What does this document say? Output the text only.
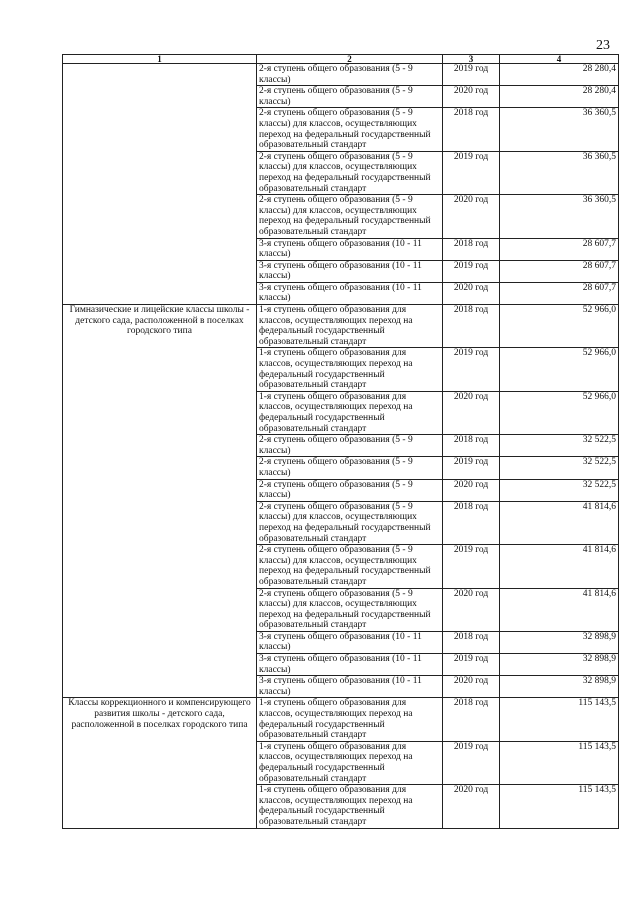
23
1	2	3	4
	2-я ступень общего образования (5 - 9 классы)	2019 год	28 280,4
	2-я ступень общего образования (5 - 9 классы)	2020 год	28 280,4
	2-я ступень общего образования (5 - 9 классы) для классов, осуществляющих переход на федеральный государственный образовательный стандарт	2018 год	36 360,5
	2-я ступень общего образования (5 - 9 классы) для классов, осуществляющих переход на федеральный государственный образовательный стандарт	2019 год	36 360,5
	2-я ступень общего образования (5 - 9 классы) для классов, осуществляющих переход на федеральный государственный образовательный стандарт	2020 год	36 360,5
	3-я ступень общего образования (10 - 11 классы)	2018 год	28 607,7
	3-я ступень общего образования (10 - 11 классы)	2019 год	28 607,7
	3-я ступень общего образования (10 - 11 классы)	2020 год	28 607,7
Гимназические и лицейские классы школы - детского сада, расположенной в поселках городского типа	1-я ступень общего образования для классов, осуществляющих переход на федеральный государственный образовательный стандарт	2018 год	52 966,0
	1-я ступень общего образования для классов, осуществляющих переход на федеральный государственный образовательный стандарт	2019 год	52 966,0
	1-я ступень общего образования для классов, осуществляющих переход на федеральный государственный образовательный стандарт	2020 год	52 966,0
	2-я ступень общего образования (5 - 9 классы)	2018 год	32 522,5
	2-я ступень общего образования (5 - 9 классы)	2019 год	32 522,5
	2-я ступень общего образования (5 - 9 классы)	2020 год	32 522,5
	2-я ступень общего образования (5 - 9 классы) для классов, осуществляющих переход на федеральный государственный образовательный стандарт	2018 год	41 814,6
	2-я ступень общего образования (5 - 9 классы) для классов, осуществляющих переход на федеральный государственный образовательный стандарт	2019 год	41 814,6
	2-я ступень общего образования (5 - 9 классы) для классов, осуществляющих переход на федеральный государственный образовательный стандарт	2020 год	41 814,6
	3-я ступень общего образования (10 - 11 классы)	2018 год	32 898,9
	3-я ступень общего образования (10 - 11 классы)	2019 год	32 898,9
	3-я ступень общего образования (10 - 11 классы)	2020 год	32 898,9
Классы коррекционного и компенсирующего развития школы - детского сада, расположенной в поселках городского типа	1-я ступень общего образования для классов, осуществляющих переход на федеральный государственный образовательный стандарт	2018 год	115 143,5
	1-я ступень общего образования для классов, осуществляющих переход на федеральный государственный образовательный стандарт	2019 год	115 143,5
	1-я ступень общего образования для классов, осуществляющих переход на федеральный государственный образовательный стандарт	2020 год	115 143,5
